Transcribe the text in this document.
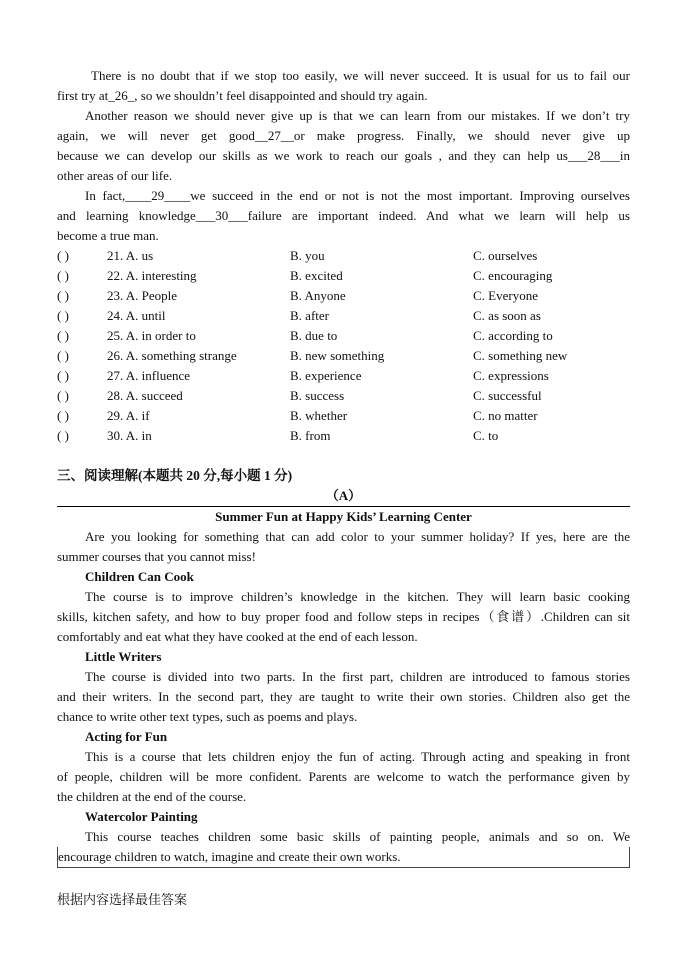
There is no doubt that if we stop too easily, we will never succeed. It is usual for us to fail our
first try at_26_, so we shouldn’t feel disappointed and should try again.
Another reason we should never give up is that we can learn from our mistakes. If we don’t try
again, we will never get good__27__or make progress. Finally, we should never give up
because we can develop our skills as we work to reach our goals , and they can help us___28___in
other areas of our life.
In fact,____29____we succeed in the end or not is not the most important. Improving ourselves
and learning knowledge___30___failure are important indeed. And what we learn will help us
become a true man.
( )	21. A. us	B. you	C. ourselves
( )	22. A. interesting	B. excited	C. encouraging
( )	23. A. People	B. Anyone	C. Everyone
( )	24. A. until	B. after	C. as soon as
( )	25. A. in order to	B. due to	C. according to
( )	26. A. something strange	B. new something	C. something new
( )	27. A. influence	B. experience	C. expressions
( )	28. A. succeed	B. success	C. successful
( )	29. A. if	B. whether	C. no matter
( )	30. A. in	B. from	C. to
三、阅读理解(本题共 20 分,每小题 1 分)
（A）
Summer Fun at Happy Kids’ Learning Center
Are you looking for something that can add color to your summer holiday? If yes, here are the
summer courses that you cannot miss!
Children Can Cook
The course is to improve children’s knowledge in the kitchen. They will learn basic cooking
skills, kitchen safety, and how to buy proper food and follow steps in recipes（食谱）.Children can sit
comfortably and eat what they have cooked at the end of each lesson.
Little Writers
The course is divided into two parts. In the first part, children are introduced to famous stories
and their writers. In the second part, they are taught to write their own stories. Children also get the
chance to write other text types, such as poems and plays.
Acting for Fun
This is a course that lets children enjoy the fun of acting. Through acting and speaking in front
of people, children will be more confident. Parents are welcome to watch the performance given by
the children at the end of the course.
Watercolor Painting
This course teaches children some basic skills of painting people, animals and so on. We
encourage children to watch, imagine and create their own works.
根据内容选择最佳答案
